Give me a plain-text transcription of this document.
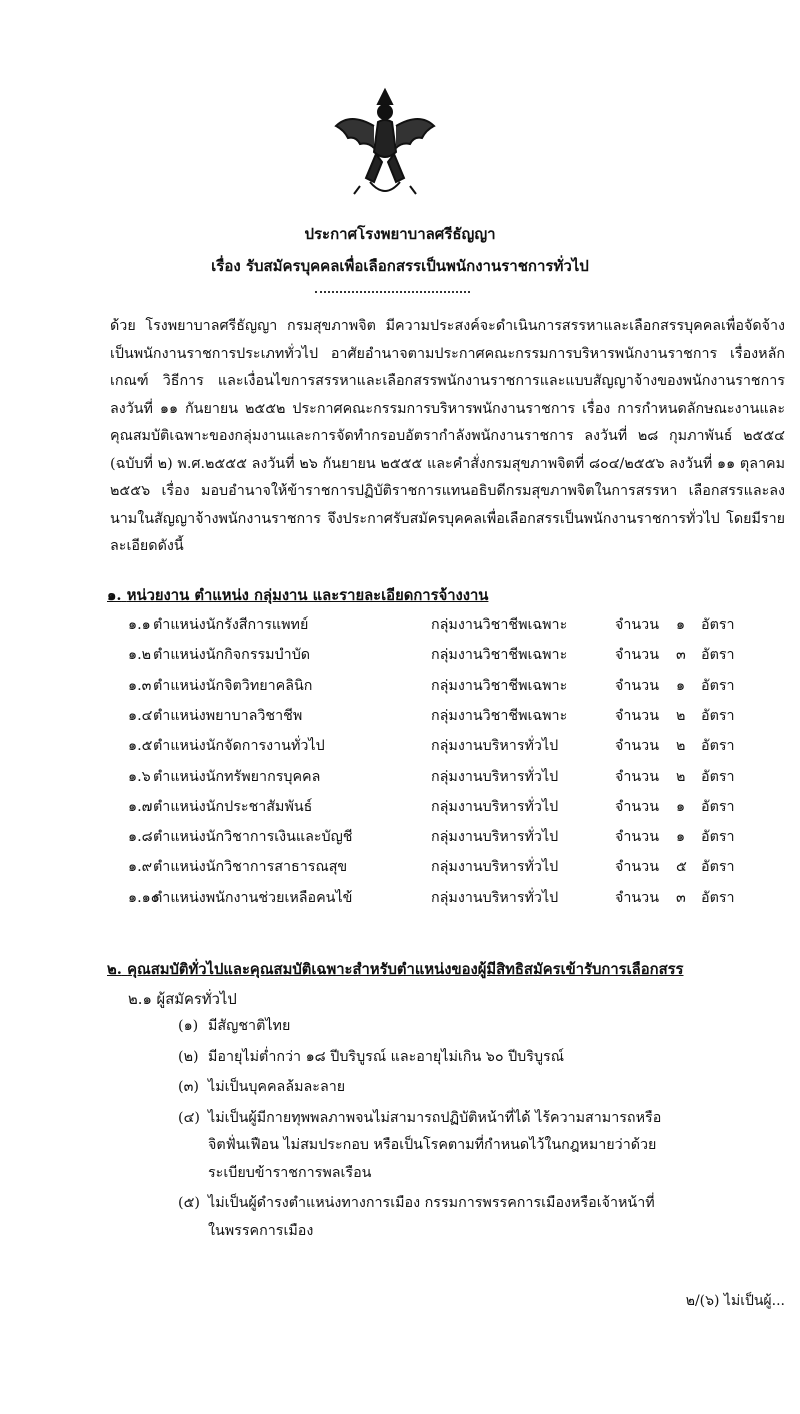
ประกาศโรงพยาบาลศรีธัญญา
เรื่อง รับสมัครบุคคลเพื่อเลือกสรรเป็นพนักงานราชการทั่วไป

ด้วย โรงพยาบาลศรีธัญญา กรมสุขภาพจิต มีความประสงค์จะดำเนินการสรรหาและเลือกสรรบุคคลเพื่อจัดจ้างเป็นพนักงานราชการประเภททั่วไป อาศัยอำนาจตามประกาศคณะกรรมการบริหารพนักงานราชการ เรื่องหลักเกณฑ์ วิธีการ และเงื่อนไขการสรรหาและเลือกสรรพนักงานราชการและแบบสัญญาจ้างของพนักงานราชการ ลงวันที่ ๑๑ กันยายน ๒๕๕๒ ประกาศคณะกรรมการบริหารพนักงานราชการ เรื่อง การกำหนดลักษณะงานและคุณสมบัติเฉพาะของกลุ่มงานและการจัดทำกรอบอัตรากำลังพนักงานราชการ ลงวันที่ ๒๘ กุมภาพันธ์ ๒๕๕๔ (ฉบับที่ ๒) พ.ศ.๒๕๕๕ ลงวันที่ ๒๖ กันยายน ๒๕๕๕ และคำสั่งกรมสุขภาพจิตที่ ๘๐๔/๒๕๕๖ ลงวันที่ ๑๑ ตุลาคม ๒๕๕๖ เรื่อง มอบอำนาจให้ข้าราชการปฏิบัติราชการแทนอธิบดีกรมสุขภาพจิตในการสรรหา เลือกสรรและลงนามในสัญญาจ้างพนักงานราชการ จึงประกาศรับสมัครบุคคลเพื่อเลือกสรรเป็นพนักงานราชการทั่วไป โดยมีรายละเอียดดังนี้

๑. หน่วยงาน ตำแหน่ง กลุ่มงาน และรายละเอียดการจ้างงาน
๑.๑ ตำแหน่งนักรังสีการแพทย์	กลุ่มงานวิชาชีพเฉพาะ	จำนวน ๑ อัตรา
๑.๒ ตำแหน่งนักกิจกรรมบำบัด	กลุ่มงานวิชาชีพเฉพาะ	จำนวน ๓ อัตรา
๑.๓ ตำแหน่งนักจิตวิทยาคลินิก	กลุ่มงานวิชาชีพเฉพาะ	จำนวน ๑ อัตรา
๑.๔ ตำแหน่งพยาบาลวิชาชีพ	กลุ่มงานวิชาชีพเฉพาะ	จำนวน ๒ อัตรา
๑.๕ ตำแหน่งนักจัดการงานทั่วไป	กลุ่มงานบริหารทั่วไป	จำนวน ๒ อัตรา
๑.๖ ตำแหน่งนักทรัพยากรบุคคล	กลุ่มงานบริหารทั่วไป	จำนวน ๒ อัตรา
๑.๗ ตำแหน่งนักประชาสัมพันธ์	กลุ่มงานบริหารทั่วไป	จำนวน ๑ อัตรา
๑.๘ ตำแหน่งนักวิชาการเงินและบัญชี	กลุ่มงานบริหารทั่วไป	จำนวน ๑ อัตรา
๑.๙ ตำแหน่งนักวิชาการสาธารณสุข	กลุ่มงานบริหารทั่วไป	จำนวน ๕ อัตรา
๑.๑๐
ตำแหน่งพนักงานช่วยเหลือคนไข้	กลุ่มงานบริหารทั่วไป	จำนวน ๓ อัตรา
๒. คุณสมบัติทั่วไปและคุณสมบัติเฉพาะสำหรับตำแหน่งของผู้มีสิทธิสมัครเข้ารับการเลือกสรร
๒.๑ ผู้สมัครทั่วไป
(๑) มีสัญชาติไทย
(๒) มีอายุไม่ต่ำกว่า ๑๘ ปีบริบูรณ์ และอายุไม่เกิน ๖๐ ปีบริบูรณ์
(๓) ไม่เป็นบุคคลล้มละลาย
(๔) ไม่เป็นผู้มีกายทุพพลภาพจนไม่สามารถปฏิบัติหน้าที่ได้ ไร้ความสามารถหรือ
จิตฟั่นเฟือน ไม่สมประกอบ หรือเป็นโรคตามที่กำหนดไว้ในกฎหมายว่าด้วย
ระเบียบข้าราชการพลเรือน
(๕) ไม่เป็นผู้ดำรงตำแหน่งทางการเมือง กรรมการพรรคการเมืองหรือเจ้าหน้าที่
ในพรรคการเมือง
๒/(๖) ไม่เป็นผู้...
